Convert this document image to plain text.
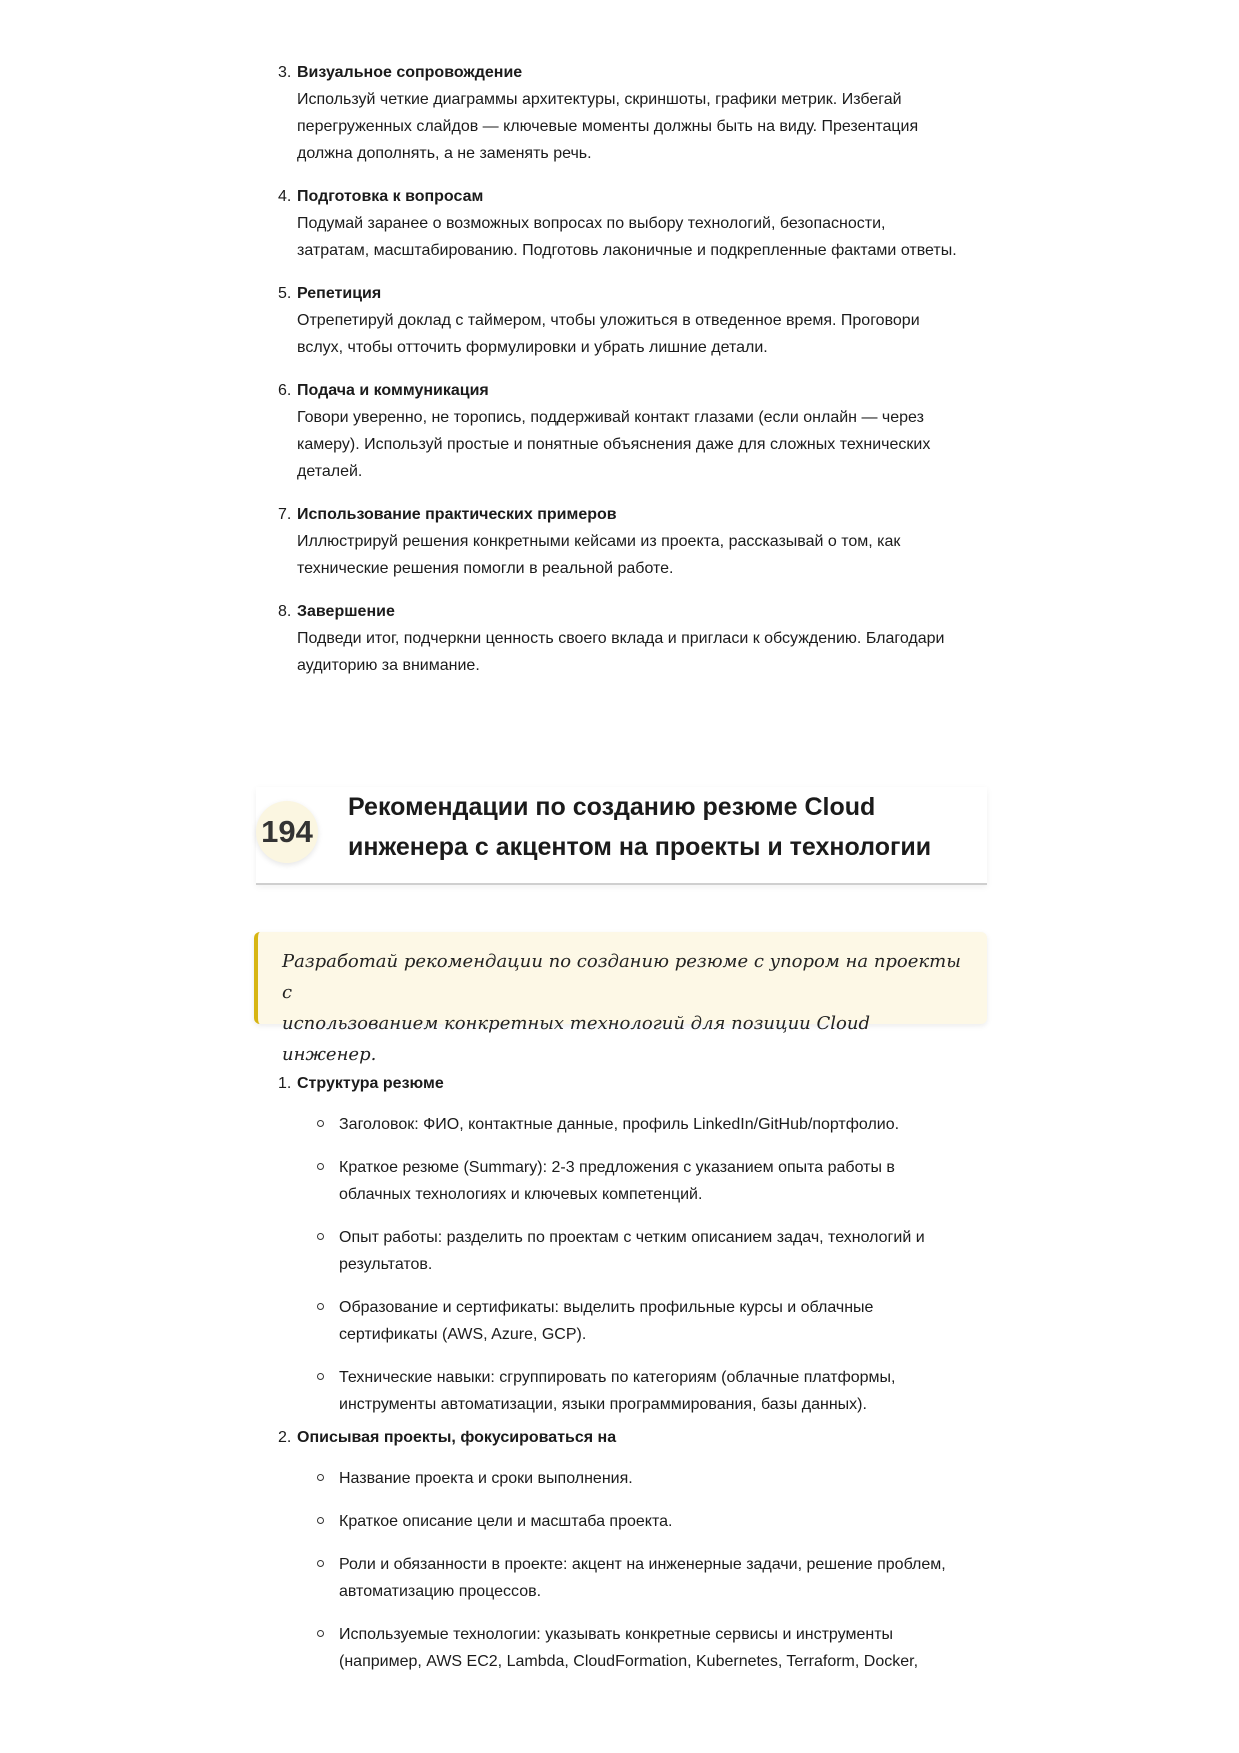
3. Визуальное сопровождение
Используй четкие диаграммы архитектуры, скриншоты, графики метрик. Избегай
перегруженных слайдов — ключевые моменты должны быть на виду. Презентация
должна дополнять, а не заменять речь.
4. Подготовка к вопросам
Подумай заранее о возможных вопросах по выбору технологий, безопасности,
затратам, масштабированию. Подготовь лаконичные и подкрепленные фактами ответы.
5. Репетиция
Отрепетируй доклад с таймером, чтобы уложиться в отведенное время. Проговори
вслух, чтобы отточить формулировки и убрать лишние детали.
6. Подача и коммуникация
Говори уверенно, не торопись, поддерживай контакт глазами (если онлайн — через
камеру). Используй простые и понятные объяснения даже для сложных технических
деталей.
7. Использование практических примеров
Иллюстрируй решения конкретными кейсами из проекта, рассказывай о том, как
технические решения помогли в реальной работе.
8. Завершение
Подведи итог, подчеркни ценность своего вклада и пригласи к обсуждению. Благодари
аудиторию за внимание.
194
Рекомендации по созданию резюме Cloud
инженера с акцентом на проекты и технологии
Разработай рекомендации по созданию резюме с упором на проекты с
использованием конкретных технологий для позиции Cloud инженер.
1. Структура резюме
Заголовок: ФИО, контактные данные, профиль LinkedIn/GitHub/портфолио.
Краткое резюме (Summary): 2-3 предложения с указанием опыта работы в
облачных технологиях и ключевых компетенций.
Опыт работы: разделить по проектам с четким описанием задач, технологий и
результатов.
Образование и сертификаты: выделить профильные курсы и облачные
сертификаты (AWS, Azure, GCP).
Технические навыки: сгруппировать по категориям (облачные платформы,
инструменты автоматизации, языки программирования, базы данных).
2. Описывая проекты, фокусироваться на
Название проекта и сроки выполнения.
Краткое описание цели и масштаба проекта.
Роли и обязанности в проекте: акцент на инженерные задачи, решение проблем,
автоматизацию процессов.
Используемые технологии: указывать конкретные сервисы и инструменты
(например, AWS EC2, Lambda, CloudFormation, Kubernetes, Terraform, Docker,
